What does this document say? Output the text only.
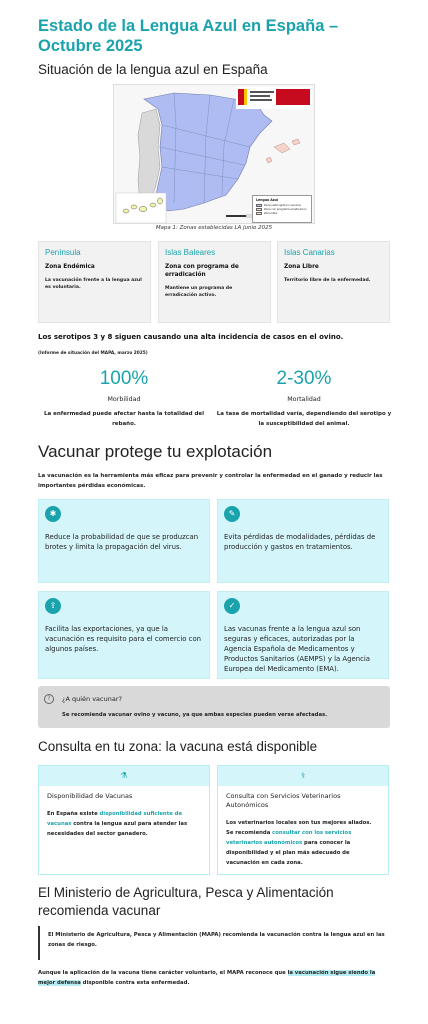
Estado de la Lengua Azul en España – Octubre 2025
Situación de la lengua azul en España
Lengua Azul
Zona restringida (in vacuna)
Zona con programa erradicación
Zona libre
Mapa 1: Zonas establecidas LA junio 2025
Península
Zona Endémica
La vacunación frente a la lengua azul es voluntaria.
Islas Baleares
Zona con programa de erradicación
Mantiene un programa de erradicación activo.
Islas Canarias
Zona Libre
Territorio libre de la enfermedad.
Los serotipos 3 y 8 siguen causando una alta incidencia de casos en el ovino.
(Informe de situación del MAPA, marzo 2025)
100%
Morbilidad
La enfermedad puede afectar hasta la totalidad del rebaño.
2-30%
Mortalidad
La tasa de mortalidad varía, dependiendo del serotipo y la susceptibilidad del animal.
Vacunar protege tu explotación
La vacunación es la herramienta más eficaz para prevenir y controlar la enfermedad en el ganado y reducir las importantes pérdidas económicas.
✱
Reduce la probabilidad de que se produzcan brotes y limita la propagación del virus.
✎
Evita pérdidas de modalidades, pérdidas de producción y gastos en tratamientos.
⇪
Facilita las exportaciones, ya que la vacunación es requisito para el comercio con algunos países.
✓
Las vacunas frente a la lengua azul son seguras y eficaces, autorizadas por la Agencia Española de Medicamentos y Productos Sanitarios (AEMPS) y la Agencia Europea del Medicamento (EMA).
?	¿A quién vacunar?
Se recomienda vacunar ovino y vacuno, ya que ambas especies pueden verse afectadas.
Consulta en tu zona: la vacuna está disponible
⚗
Disponibilidad de Vacunas
En España existe disponibilidad suficiente de vacunas contra la lengua azul para atender las necesidades del sector ganadero.
⚕
Consulta con Servicios Veterinarios Autonómicos
Los veterinarios locales son tus mejores aliados. Se recomienda consultar con los servicios veterinarios autonómicos para conocer la disponibilidad y el plan más adecuado de vacunación en cada zona.
El Ministerio de Agricultura, Pesca y Alimentación recomienda vacunar
El Ministerio de Agricultura, Pesca y Alimentación (MAPA) recomienda la vacunación contra la lengua azul en las zonas de riesgo.
Aunque la aplicación de la vacuna tiene carácter voluntario, el MAPA reconoce que la vacunación sigue siendo la mejor defensa disponible contra esta enfermedad.
